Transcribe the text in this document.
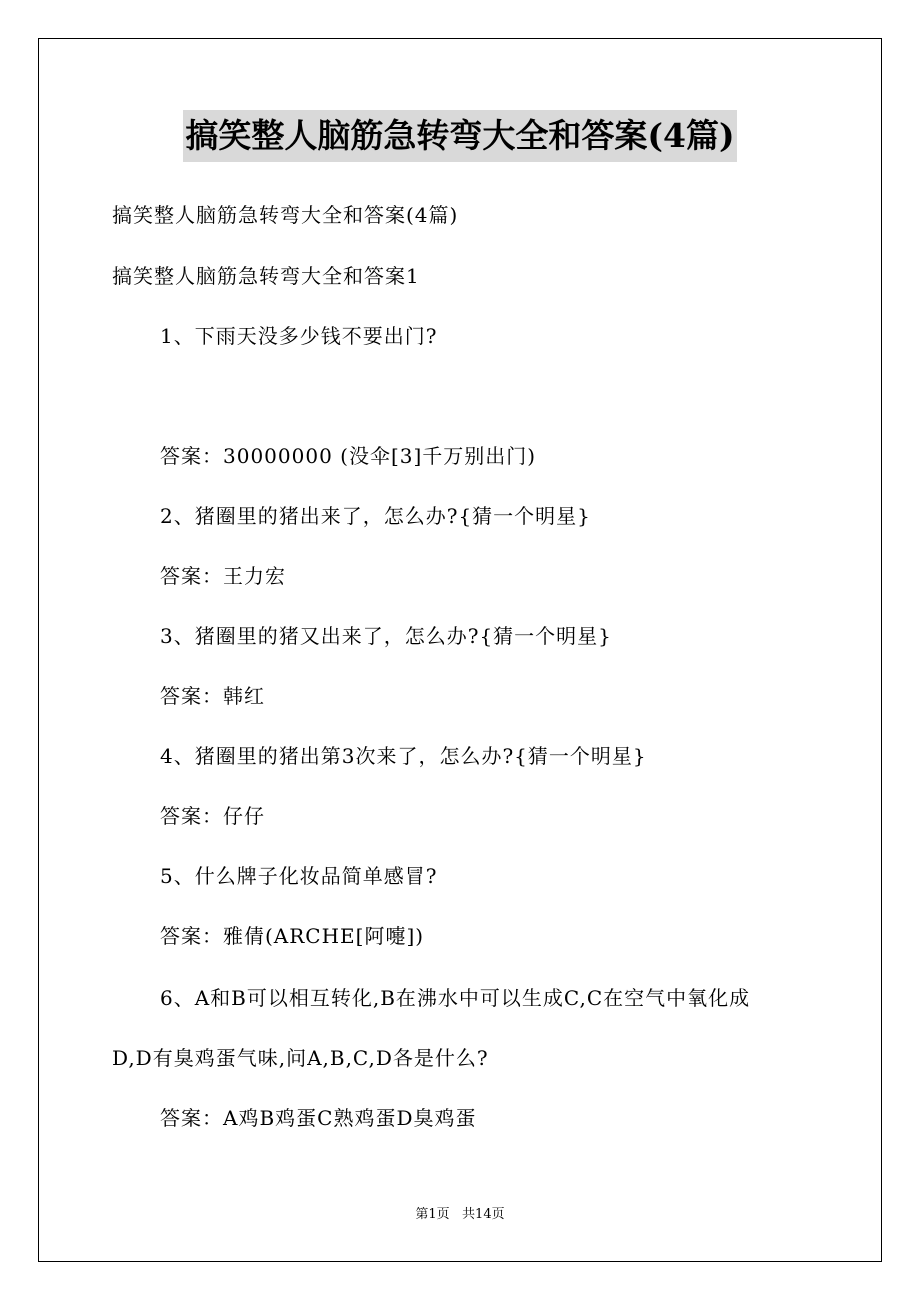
搞笑整人脑筋急转弯大全和答案(4篇)
搞笑整人脑筋急转弯大全和答案(4篇)
搞笑整人脑筋急转弯大全和答案1
1、下雨天没多少钱不要出门?
答案：30000000 (没伞[3]千万别出门)
2、猪圈里的猪出来了，怎么办?{猜一个明星}
答案：王力宏
3、猪圈里的猪又出来了，怎么办?{猜一个明星}
答案：韩红
4、猪圈里的猪出第3次来了，怎么办?{猜一个明星}
答案：仔仔
5、什么牌子化妆品简单感冒?
答案：雅倩(ARCHE[阿嚏])
6、A和B可以相互转化,B在沸水中可以生成C,C在空气中氧化成
D,D有臭鸡蛋气味,问A,B,C,D各是什么?
答案：A鸡B鸡蛋C熟鸡蛋D臭鸡蛋
第1页   共14页
